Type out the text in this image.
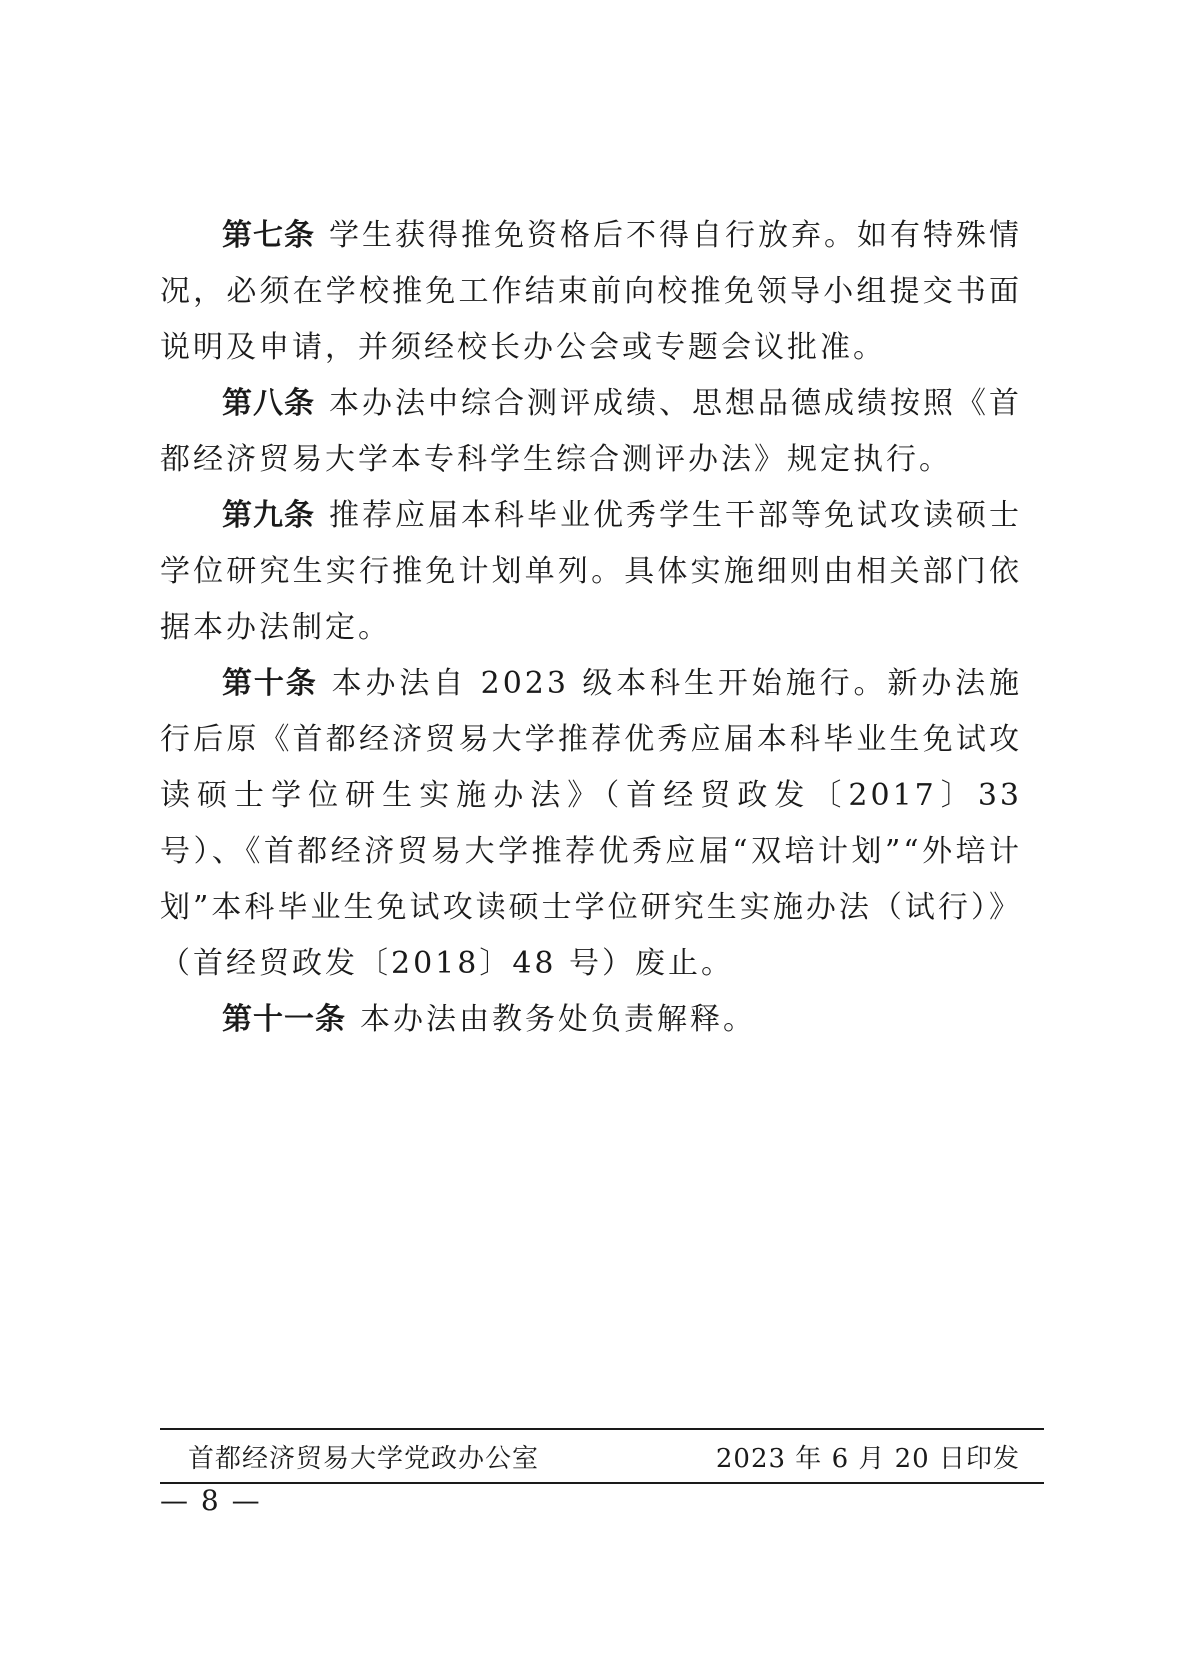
第七条 学生获得推免资格后不得自行放弃。如有特殊情况，必须在学校推免工作结束前向校推免领导小组提交书面说明及申请，并须经校长办公会或专题会议批准。

第八条 本办法中综合测评成绩、思想品德成绩按照《首都经济贸易大学本专科学生综合测评办法》规定执行。

第九条 推荐应届本科毕业优秀学生干部等免试攻读硕士学位研究生实行推免计划单列。具体实施细则由相关部门依据本办法制定。

第十条 本办法自 2023 级本科生开始施行。新办法施行后原《首都经济贸易大学推荐优秀应届本科毕业生免试攻读硕士学位研生实施办法》（首经贸政发〔2017〕33 号）、《首都经济贸易大学推荐优秀应届“双培计划”“外培计划”本科毕业生免试攻读硕士学位研究生实施办法（试行）》（首经贸政发〔2018〕48 号）废止。

第十一条 本办法由教务处负责解释。

首都经济贸易大学党政办公室	2023 年 6 月 20 日印发
— 8 —
